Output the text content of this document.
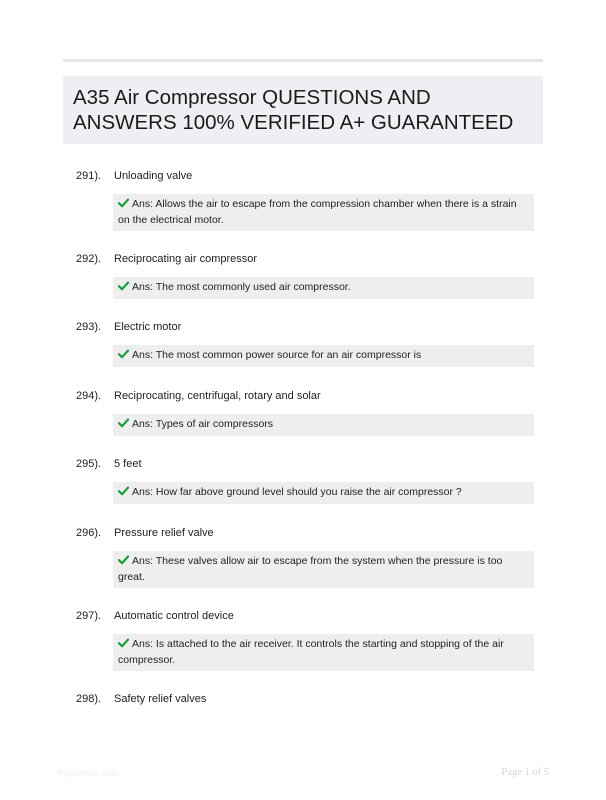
A35 Air Compressor QUESTIONS AND ANSWERS 100% VERIFIED A+ GUARANTEED
291). Unloading valve
Ans: Allows the air to escape from the compression chamber when there is a strain on the electrical motor.
292). Reciprocating air compressor
Ans: The most commonly used air compressor.
293). Electric motor
Ans: The most common power source for an air compressor is
294). Reciprocating, centrifugal, rotary and solar
Ans: Types of air compressors
295). 5 feet
Ans: How far above ground level should you raise the air compressor ?
296). Pressure relief valve
Ans: These valves allow air to escape from the system when the pressure is too great.
297). Automatic control device
Ans: Is attached to the air receiver. It controls the starting and stopping of the air compressor.
298). Safety relief valves
Paperbtac.com	Page 1 of 5
